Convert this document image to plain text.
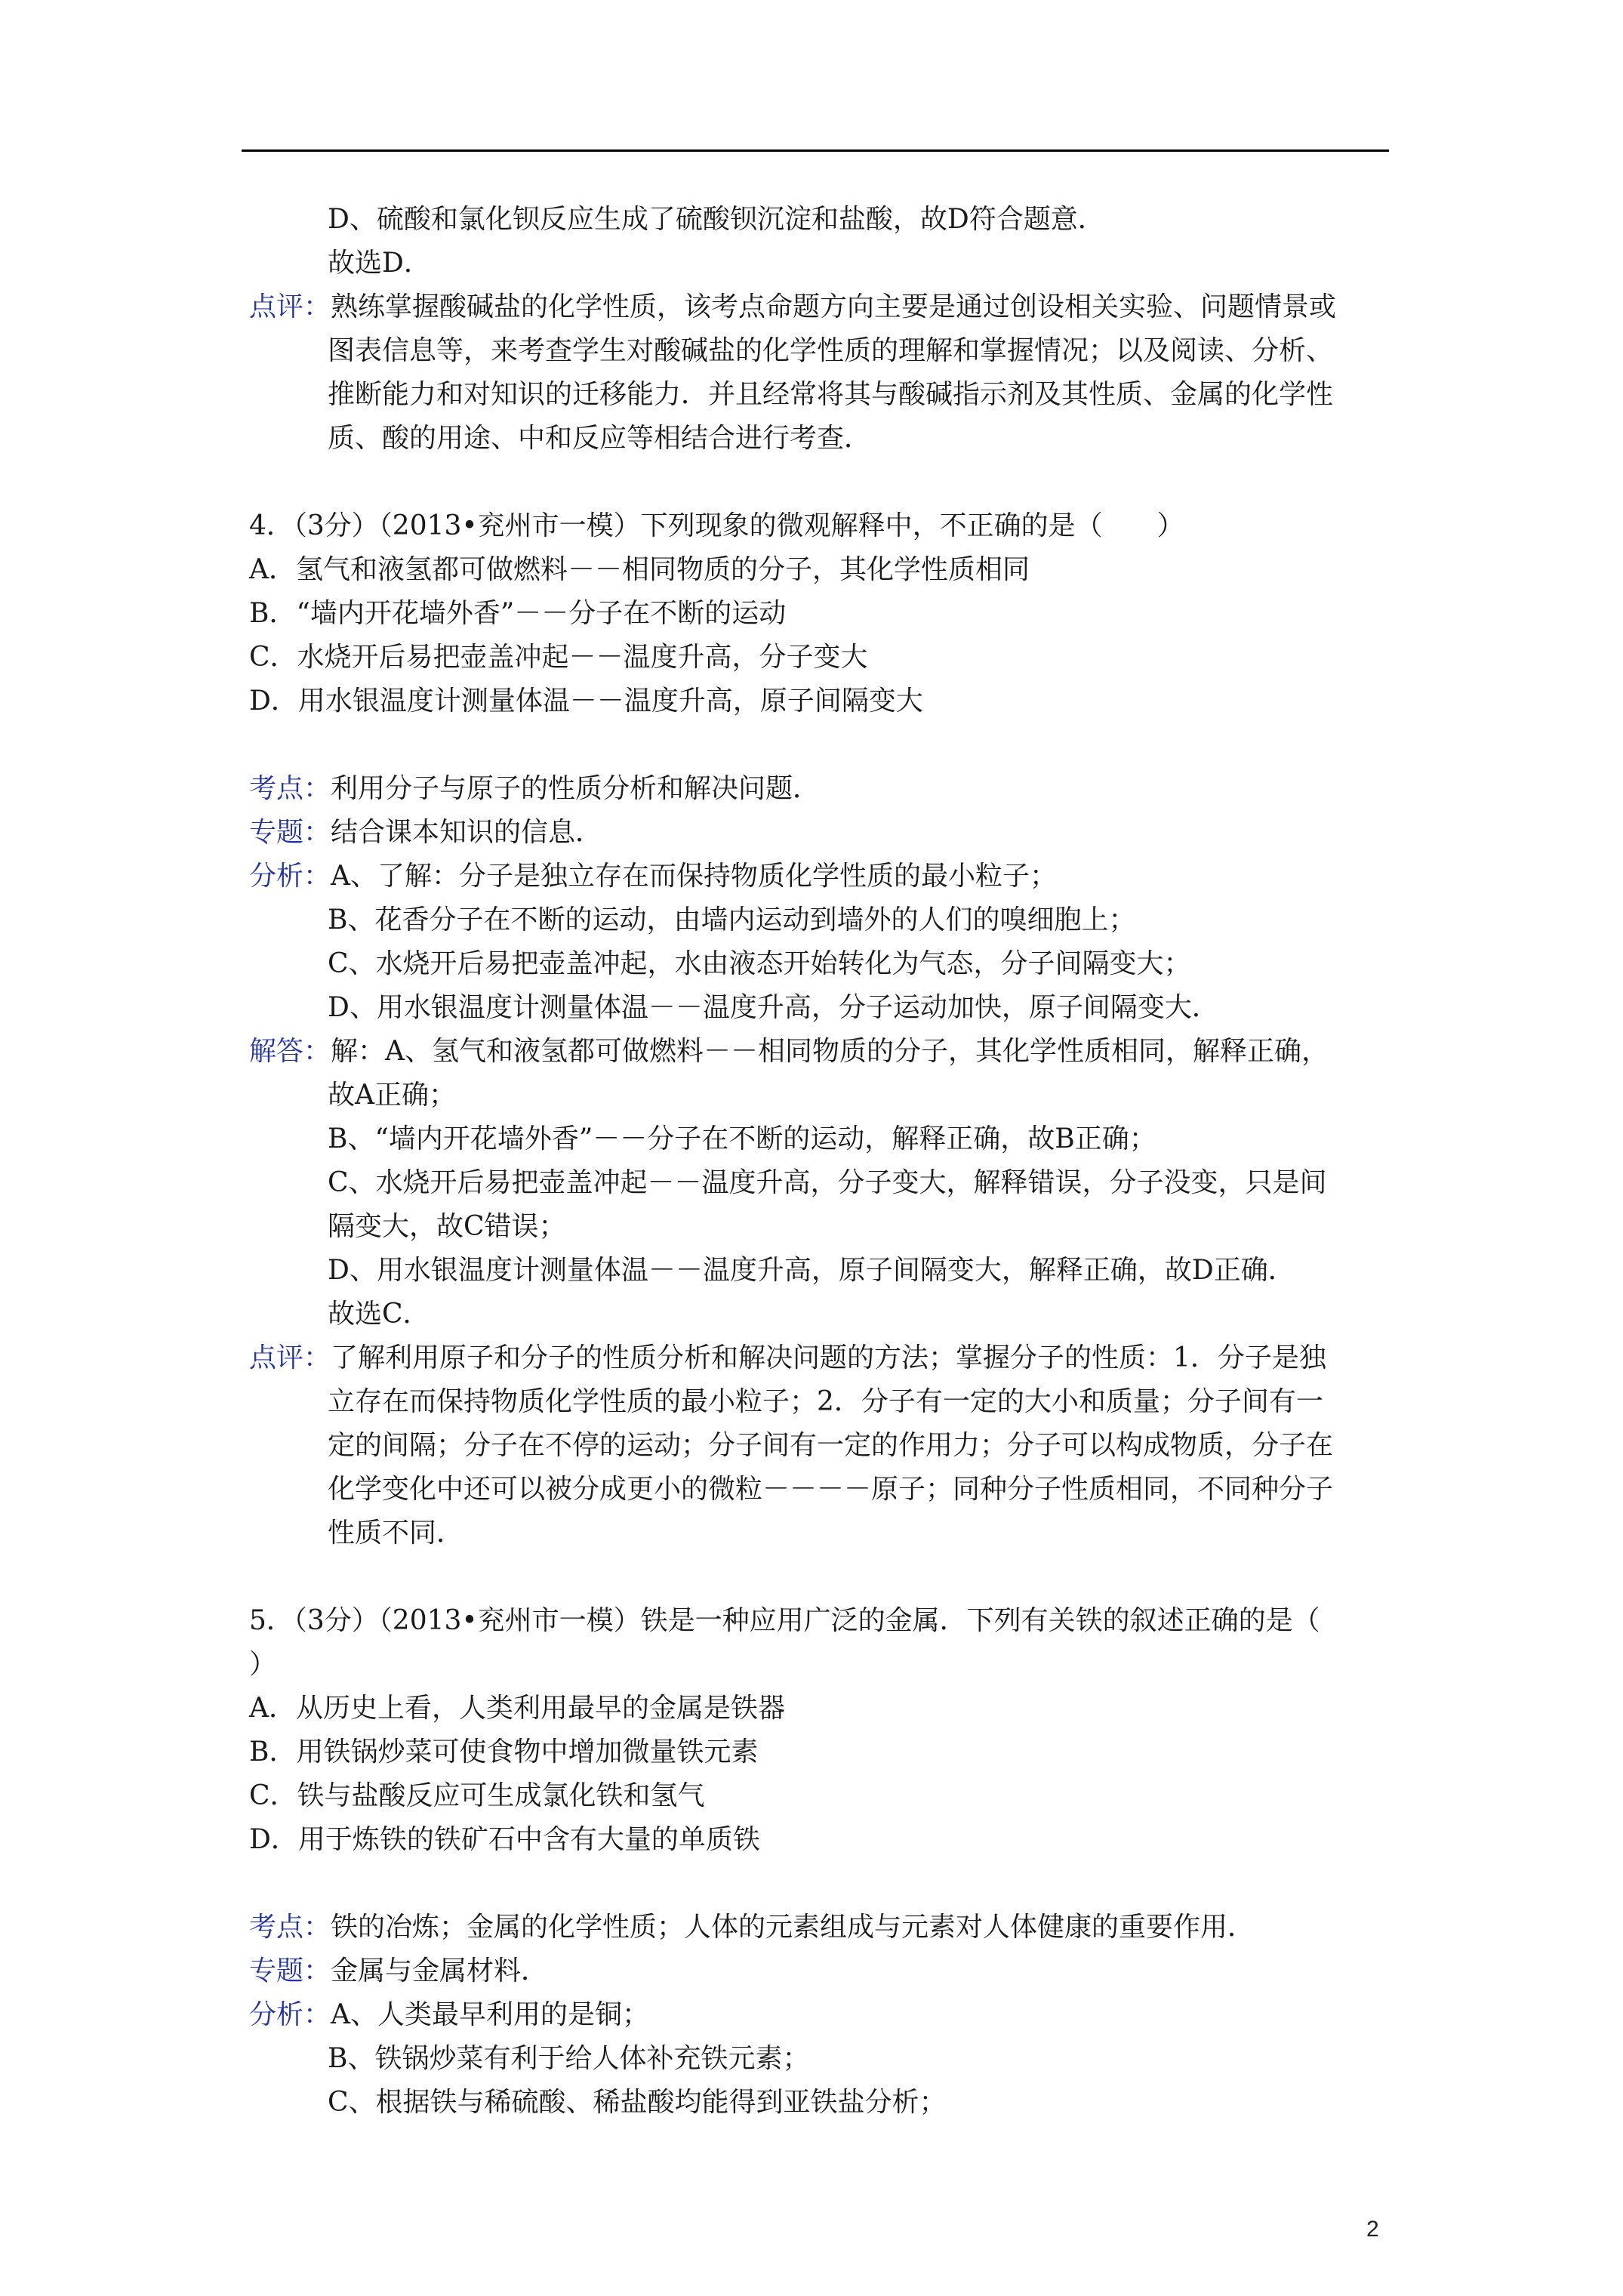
D、硫酸和氯化钡反应生成了硫酸钡沉淀和盐酸，故D符合题意．
故选D．
点评：熟练掌握酸碱盐的化学性质，该考点命题方向主要是通过创设相关实验、问题情景或
图表信息等，来考查学生对酸碱盐的化学性质的理解和掌握情况；以及阅读、分析、
推断能力和对知识的迁移能力．并且经常将其与酸碱指示剂及其性质、金属的化学性
质、酸的用途、中和反应等相结合进行考查．
4．（3分）（2013•兖州市一模）下列现象的微观解释中，不正确的是（　　）
A．氢气和液氢都可做燃料－－相同物质的分子，其化学性质相同
B．“墙内开花墙外香”－－分子在不断的运动
C．水烧开后易把壶盖冲起－－温度升高，分子变大
D．用水银温度计测量体温－－温度升高，原子间隔变大
考点：利用分子与原子的性质分析和解决问题．
专题：结合课本知识的信息．
分析：A、了解：分子是独立存在而保持物质化学性质的最小粒子；
B、花香分子在不断的运动，由墙内运动到墙外的人们的嗅细胞上；
C、水烧开后易把壶盖冲起，水由液态开始转化为气态，分子间隔变大；
D、用水银温度计测量体温－－温度升高，分子运动加快，原子间隔变大．
解答：解：A、氢气和液氢都可做燃料－－相同物质的分子，其化学性质相同，解释正确，
故A正确；
B、“墙内开花墙外香”－－分子在不断的运动，解释正确，故B正确；
C、水烧开后易把壶盖冲起－－温度升高，分子变大，解释错误，分子没变，只是间
隔变大，故C错误；
D、用水银温度计测量体温－－温度升高，原子间隔变大，解释正确，故D正确．
故选C．
点评：了解利用原子和分子的性质分析和解决问题的方法；掌握分子的性质：1．分子是独
立存在而保持物质化学性质的最小粒子；2．分子有一定的大小和质量；分子间有一
定的间隔；分子在不停的运动；分子间有一定的作用力；分子可以构成物质，分子在
化学变化中还可以被分成更小的微粒－－－－原子；同种分子性质相同，不同种分子
性质不同．
5．（3分）（2013•兖州市一模）铁是一种应用广泛的金属．下列有关铁的叙述正确的是（
）
A．从历史上看，人类利用最早的金属是铁器
B．用铁锅炒菜可使食物中增加微量铁元素
C．铁与盐酸反应可生成氯化铁和氢气
D．用于炼铁的铁矿石中含有大量的单质铁
考点：铁的冶炼；金属的化学性质；人体的元素组成与元素对人体健康的重要作用．
专题：金属与金属材料．
分析：A、人类最早利用的是铜；
B、铁锅炒菜有利于给人体补充铁元素；
C、根据铁与稀硫酸、稀盐酸均能得到亚铁盐分析；
2
